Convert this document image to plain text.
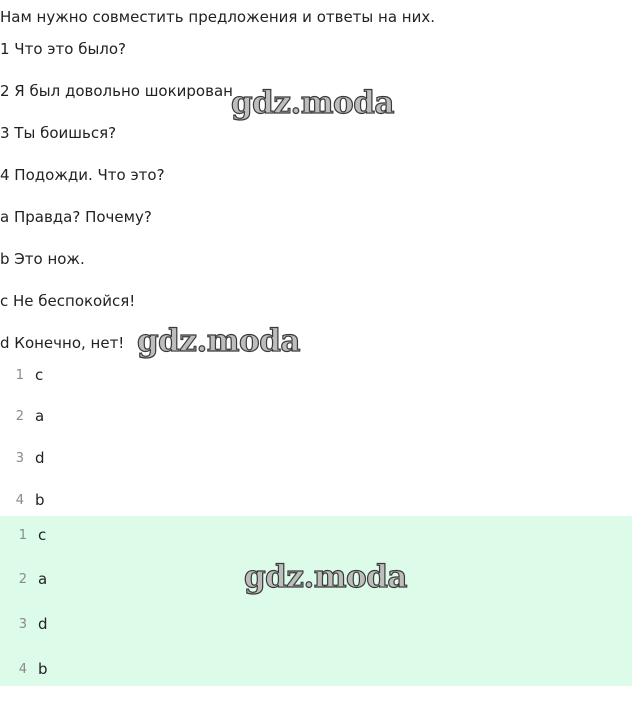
Нам нужно совместить предложения и ответы на них.
1 Что это было?
2 Я был довольно шокирован
3 Ты боишься?
4 Подожди. Что это?
a Правда? Почему?
b Это нож.
c Не беспокойся!
d Конечно, нет!
1 c
2 a
3 d
4 b
1 c
2 a
3 d
4 b
gdz.moda
gdz.moda
gdz.moda
